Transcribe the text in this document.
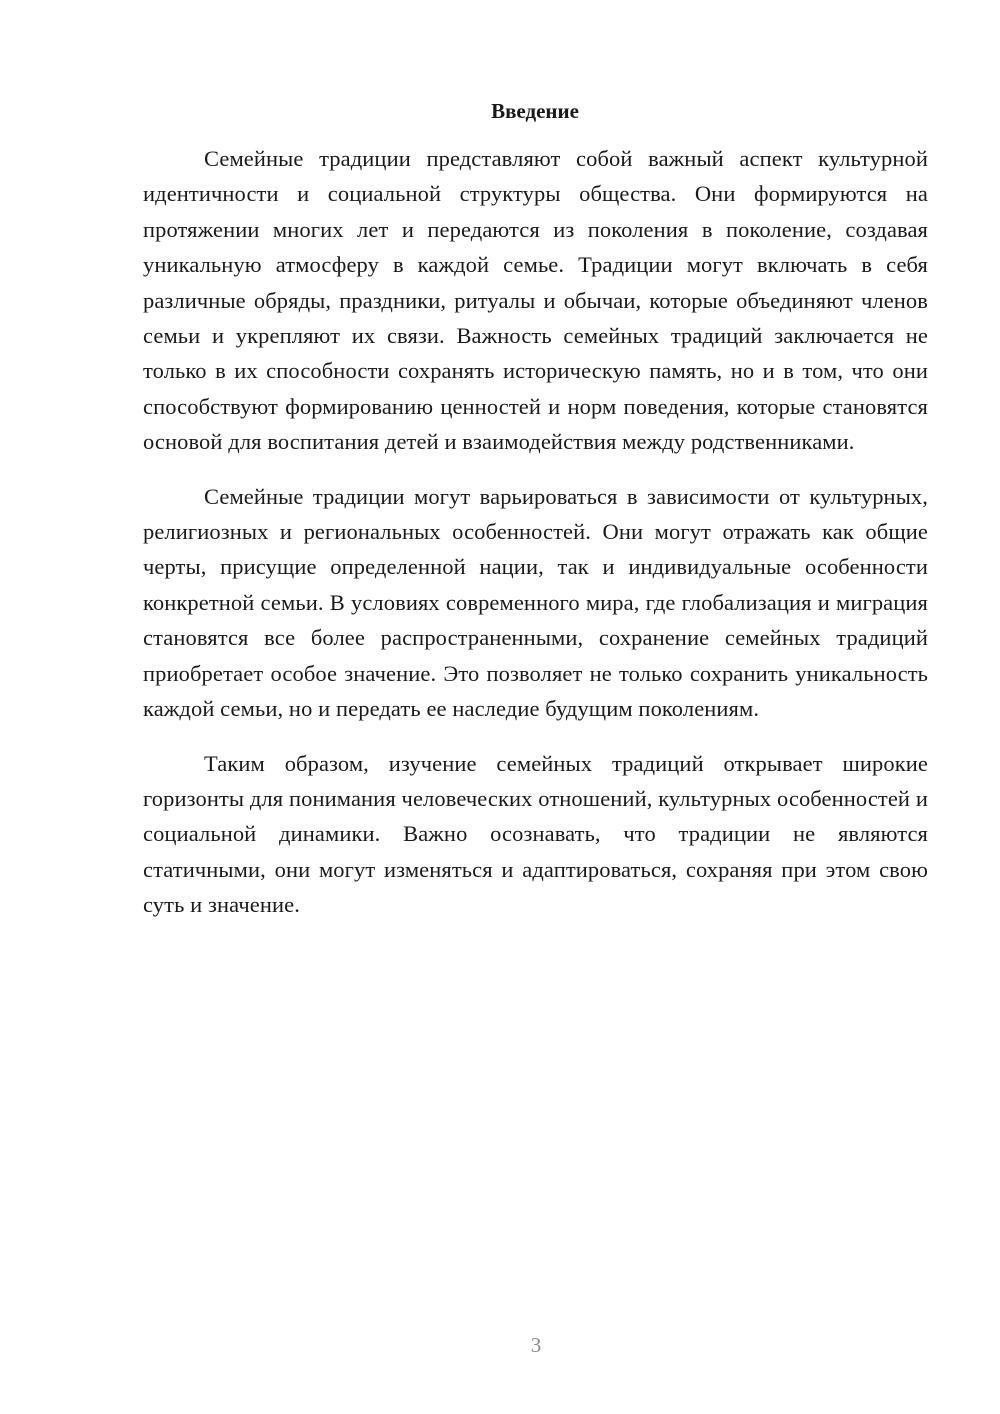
Введение

Семейные традиции представляют собой важный аспект культурной идентичности и социальной структуры общества. Они формируются на протяжении многих лет и передаются из поколения в поколение, создавая уникальную атмосферу в каждой семье. Традиции могут включать в себя различные обряды, праздники, ритуалы и обычаи, которые объединяют членов семьи и укрепляют их связи. Важность семейных традиций заключается не только в их способности сохранять историческую память, но и в том, что они способствуют формированию ценностей и норм поведения, которые становятся основой для воспитания детей и взаимодействия между родственниками.

Семейные традиции могут варьироваться в зависимости от культурных, религиозных и региональных особенностей. Они могут отражать как общие черты, присущие определенной нации, так и индивидуальные особенности конкретной семьи. В условиях современного мира, где глобализация и миграция становятся все более распространенными, сохранение семейных традиций приобретает особое значение. Это позволяет не только сохранить уникальность каждой семьи, но и передать ее наследие будущим поколениям.

Таким образом, изучение семейных традиций открывает широкие горизонты для понимания человеческих отношений, культурных особенностей и социальной динамики. Важно осознавать, что традиции не являются статичными, они могут изменяться и адаптироваться, сохраняя при этом свою суть и значение.

3
